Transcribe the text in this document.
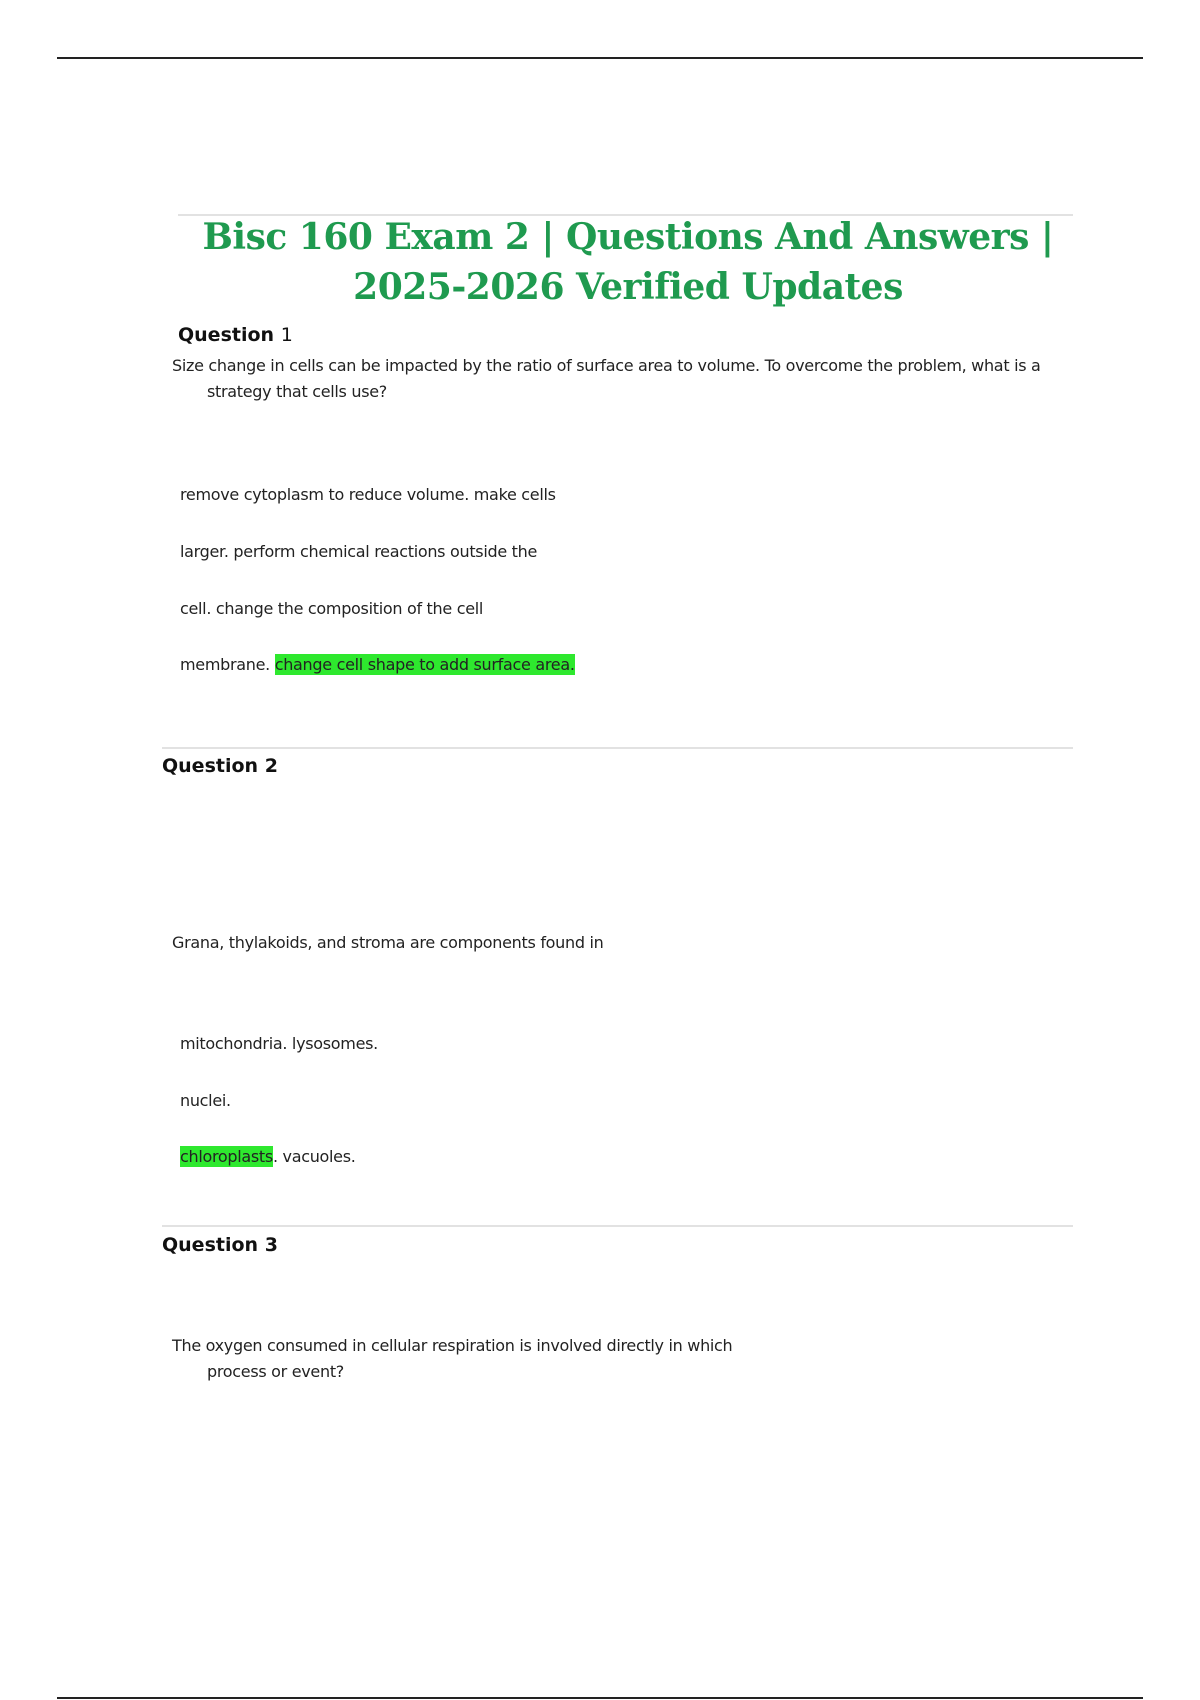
Bisc 160 Exam 2 | Questions And Answers | 2025-2026 Verified Updates
Question 1

Size change in cells can be impacted by the ratio of surface area to volume. To overcome the problem, what is a
strategy that cells use?

remove cytoplasm to reduce volume. make cells

larger. perform chemical reactions outside the

cell. change the composition of the cell

membrane. change cell shape to add surface area.

Question 2

Grana, thylakoids, and stroma are components found in

mitochondria. lysosomes.

nuclei.

chloroplasts. vacuoles.

Question 3

The oxygen consumed in cellular respiration is involved directly in which
process or event?
